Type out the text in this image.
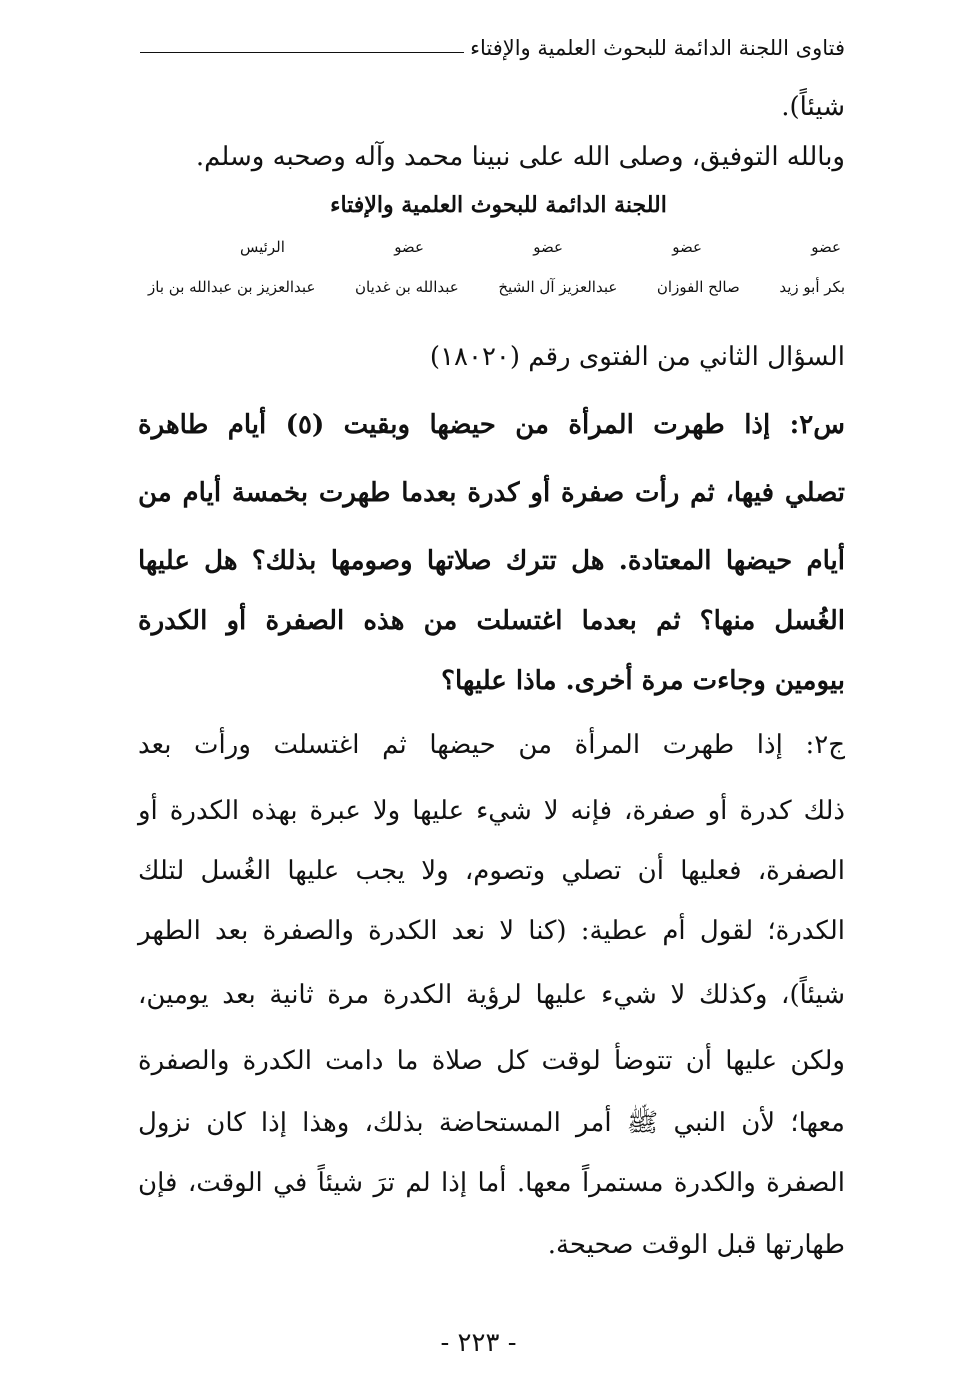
فتاوى اللجنة الدائمة للبحوث العلمية والإفتاء
شيئاً).
وبالله التوفيق، وصلى الله على نبينا محمد وآله وصحبه وسلم.
اللجنة الدائمة للبحوث العلمية والإفتاء
عضو
عضو
عضو
عضو
الرئيس
بكر أبو زيد
صالح الفوزان
عبدالعزيز آل الشيخ
عبدالله بن غديان
عبدالعزيز بن عبدالله بن باز
السؤال الثاني من الفتوى رقم (١٨٠٢٠)
س٢: إذا طهرت المرأة من حيضها وبقيت (٥) أيام طاهرة
تصلي فيها، ثم رأت صفرة أو كدرة بعدما طهرت بخمسة أيام من
أيام حيضها المعتادة. هل تترك صلاتها وصومها بذلك؟ هل عليها
الغُسل منها؟ ثم بعدما اغتسلت من هذه الصفرة أو الكدرة
بيومين وجاءت مرة أخرى. ماذا عليها؟
ج٢: إذا طهرت المرأة من حيضها ثم اغتسلت ورأت بعد
ذلك كدرة أو صفرة، فإنه لا شيء عليها ولا عبرة بهذه الكدرة أو
الصفرة، فعليها أن تصلي وتصوم، ولا يجب عليها الغُسل لتلك
الكدرة؛ لقول أم عطية: (كنا لا نعد الكدرة والصفرة بعد الطهر
شيئاً)، وكذلك لا شيء عليها لرؤية الكدرة مرة ثانية بعد يومين،
ولكن عليها أن تتوضأ لوقت كل صلاة ما دامت الكدرة والصفرة
معها؛ لأن النبي ﷺ أمر المستحاضة بذلك، وهذا إذا كان نزول
الصفرة والكدرة مستمراً معها. أما إذا لم ترَ شيئاً في الوقت، فإن
طهارتها قبل الوقت صحيحة.
- ٢٢٣ -
